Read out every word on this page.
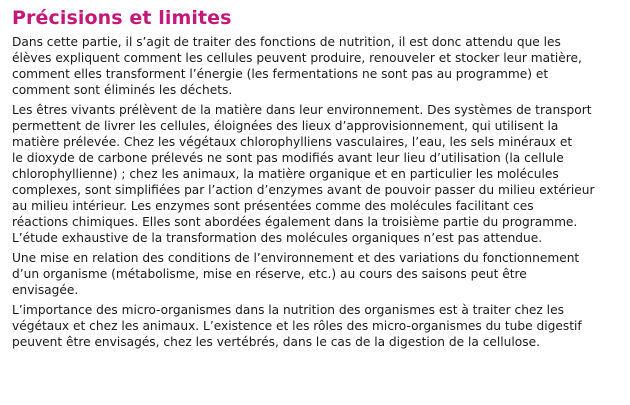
Précisions et limites

Dans cette partie, il s’agit de traiter des fonctions de nutrition, il est donc attendu que les
élèves expliquent comment les cellules peuvent produire, renouveler et stocker leur matière,
comment elles transforment l’énergie (les fermentations ne sont pas au programme) et
comment sont éliminés les déchets.

Les êtres vivants prélèvent de la matière dans leur environnement. Des systèmes de transport
permettent de livrer les cellules, éloignées des lieux d’approvisionnement, qui utilisent la
matière prélevée. Chez les végétaux chlorophylliens vasculaires, l’eau, les sels minéraux et
le dioxyde de carbone prélevés ne sont pas modifiés avant leur lieu d’utilisation (la cellule
chlorophyllienne) ; chez les animaux, la matière organique et en particulier les molécules
complexes, sont simplifiées par l’action d’enzymes avant de pouvoir passer du milieu extérieur
au milieu intérieur. Les enzymes sont présentées comme des molécules facilitant ces
réactions chimiques. Elles sont abordées également dans la troisième partie du programme.
L’étude exhaustive de la transformation des molécules organiques n’est pas attendue.

Une mise en relation des conditions de l’environnement et des variations du fonctionnement
d’un organisme (métabolisme, mise en réserve, etc.) au cours des saisons peut être
envisagée.

L’importance des micro-organismes dans la nutrition des organismes est à traiter chez les
végétaux et chez les animaux. L’existence et les rôles des micro-organismes du tube digestif
peuvent être envisagés, chez les vertébrés, dans le cas de la digestion de la cellulose.
